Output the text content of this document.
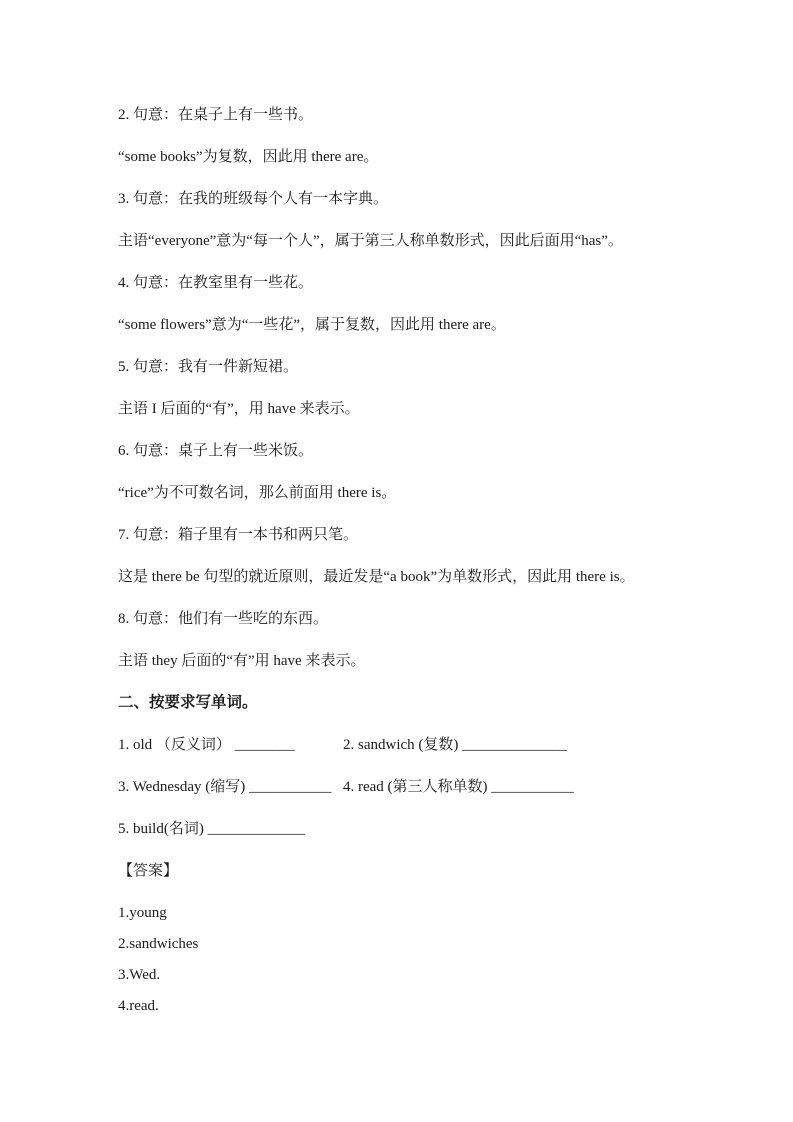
2. 句意：在桌子上有一些书。

“some books”为复数，因此用 there are。

3. 句意：在我的班级每个人有一本字典。

主语“everyone”意为“每一个人”，属于第三人称单数形式，因此后面用“has”。

4. 句意：在教室里有一些花。

“some flowers”意为“一些花”，属于复数，因此用 there are。

5. 句意：我有一件新短裙。

主语 I 后面的“有”，用 have 来表示。

6. 句意：桌子上有一些米饭。

“rice”为不可数名词，那么前面用 there is。

7. 句意：箱子里有一本书和两只笔。

这是 there be 句型的就近原则，最近发是“a book”为单数形式，因此用 there is。

8. 句意：他们有一些吃的东西。

主语 they 后面的“有”用 have 来表示。

二、按要求写单词。

1. old （反义词） ________	2. sandwich (复数) ______________

3. Wednesday (缩写) ___________ 4. read (第三人称单数) ___________

5. build(名词) _____________

【答案】

1.young

2.sandwiches

3.Wed.

4.read.
